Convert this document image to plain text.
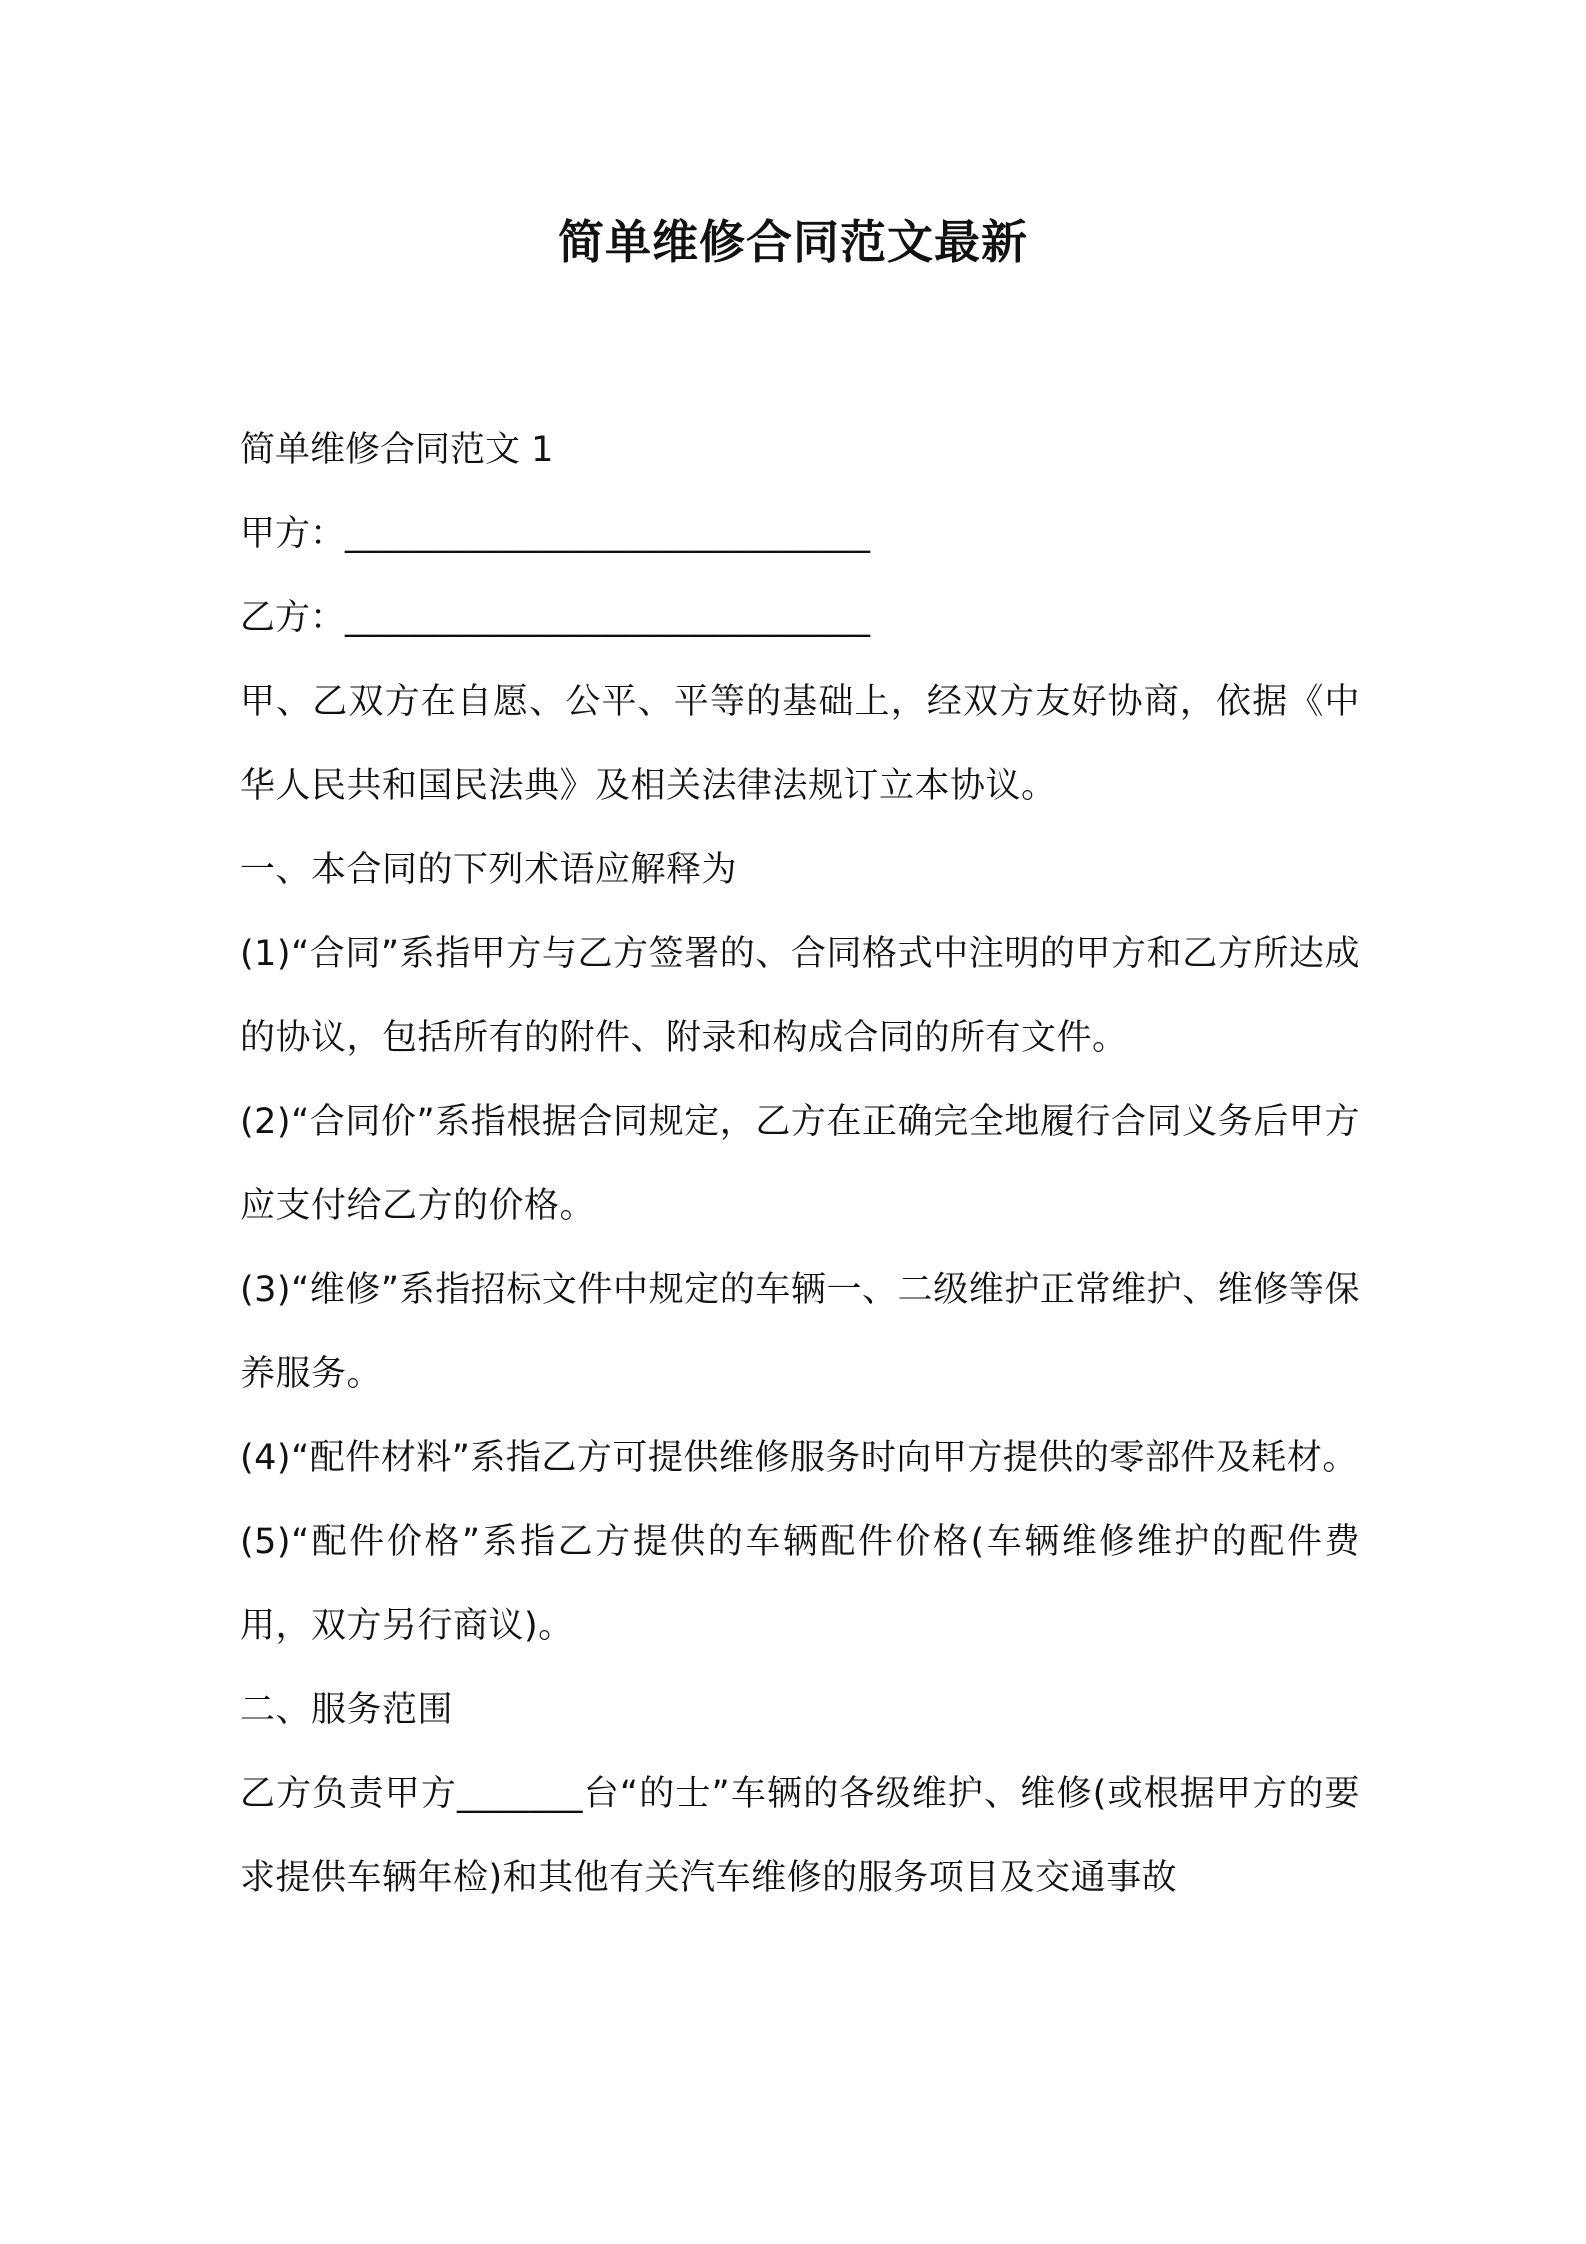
简单维修合同范文最新
简单维修合同范文 1
甲方：______________________________
乙方：______________________________
甲、乙双方在自愿、公平、平等的基础上，经双方友好协商，依据《中华人民共和国民法典》及相关法律法规订立本协议。
一、本合同的下列术语应解释为
(1)“合同”系指甲方与乙方签署的、合同格式中注明的甲方和乙方所达成的协议，包括所有的附件、附录和构成合同的所有文件。
(2)“合同价”系指根据合同规定，乙方在正确完全地履行合同义务后甲方应支付给乙方的价格。
(3)“维修”系指招标文件中规定的车辆一、二级维护正常维护、维修等保养服务。
(4)“配件材料”系指乙方可提供维修服务时向甲方提供的零部件及耗材。
(5)“配件价格”系指乙方提供的车辆配件价格(车辆维修维护的配件费用，双方另行商议)。
二、服务范围
乙方负责甲方_______台“的士”车辆的各级维护、维修(或根据甲方的要求提供车辆年检)和其他有关汽车维修的服务项目及交通事故
